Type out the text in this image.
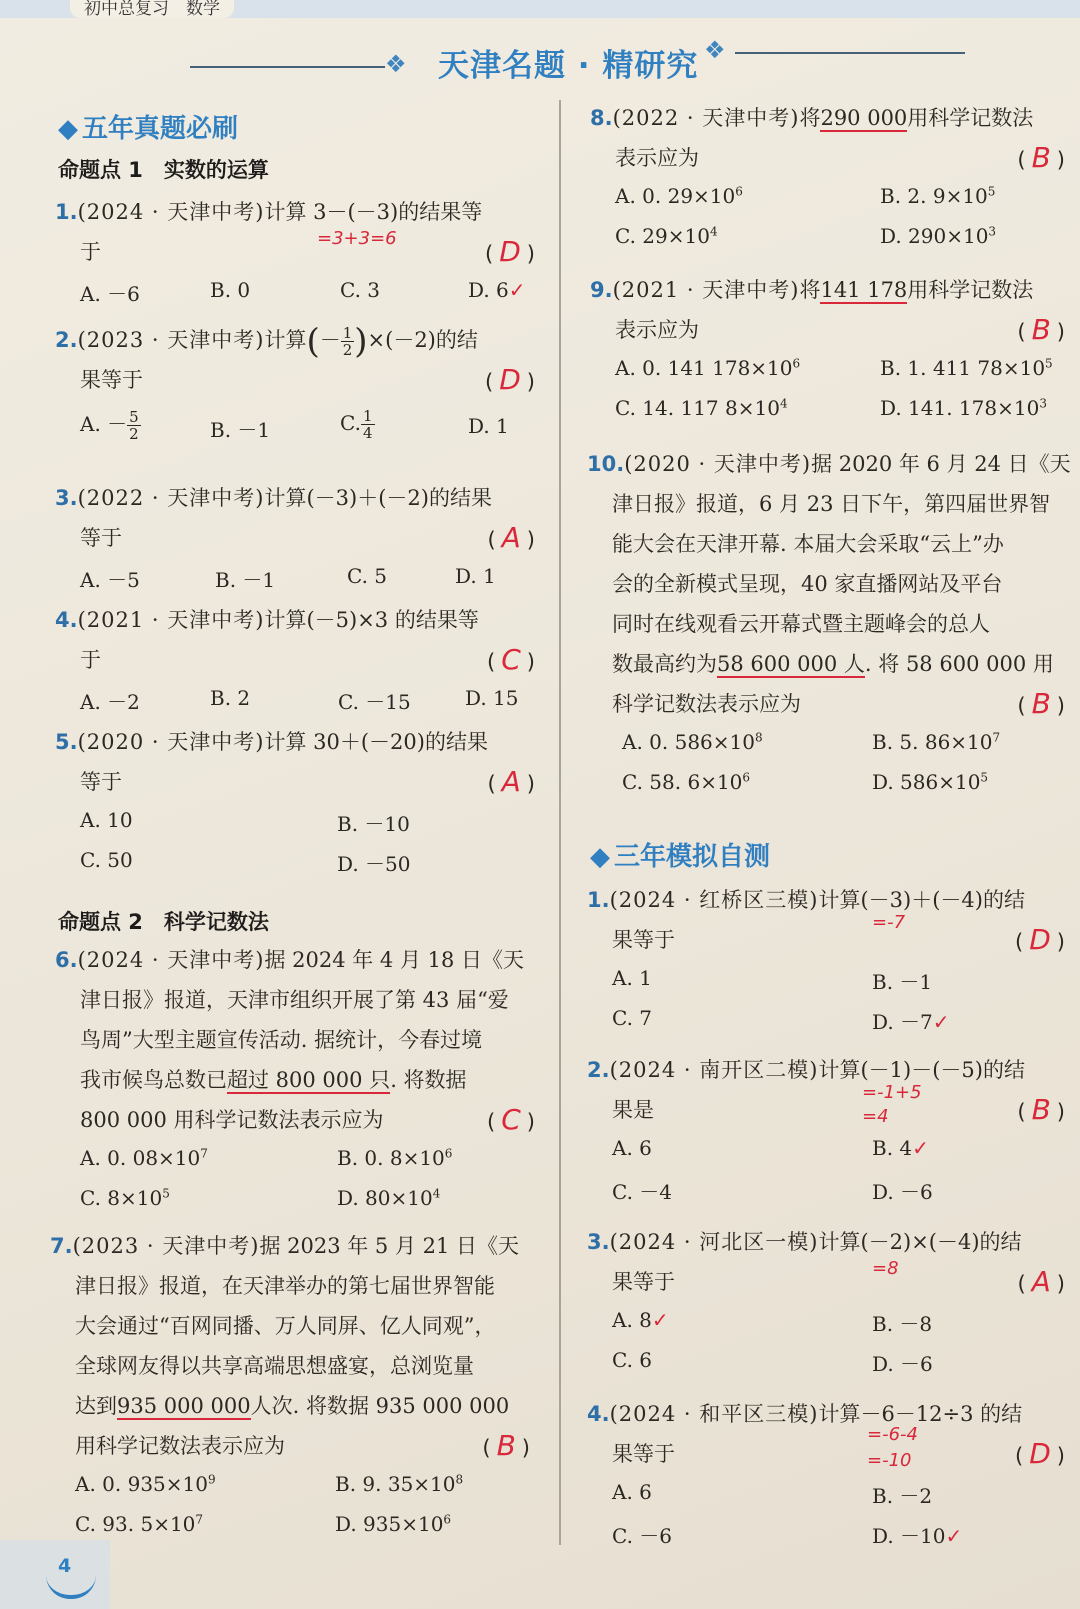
初中总复习　数学
❖	❖
天津名题 · 精研究
◆ 五年真题必刷
命题点 1　实数的运算
1.(2024 · 天津中考)计算 3－(－3)的结果等
于	( D )
=3+3=6
A. －6	B. 0	C. 3	D. 6✓
2.(2023 · 天津中考)计算(－ $\frac{1}{2} )\times(-2)$的结
果等于	( D )
A. － $\frac{5}{2}$	B. －1	C. $\frac{1}{4}$	D. 1
3.(2022 · 天津中考)计算(－3)＋(－2)的结果
等于	( A )
A. －5	B. －1	C. 5	D. 1
4.(2021 · 天津中考)计算(－5)×3 的结果等
于	( C )
A. －2	B. 2	C. －15	D. 15
5.(2020 · 天津中考)计算 30＋(－20)的结果
等于	( A )
A. 10	B. －10
C. 50	D. －50
命题点 2　科学记数法
6.(2024 · 天津中考)据 2024 年 4 月 18 日《天
津日报》报道，天津市组织开展了第 43 届“爱
鸟周”大型主题宣传活动. 据统计，今春过境
我市候鸟总数已超过 800 000 只. 将数据
800 000 用科学记数法表示应为	( C )
A. 0. $08\times 10^7$	B. 0. $8\times 10^6$
C. $8\times 10^5$	D. $80\times 10^4$
7.(2023 · 天津中考)据 2023 年 5 月 21 日《天
津日报》报道，在天津举办的第七届世界智能
大会通过“百网同播、万人同屏、亿人同观”，
全球网友得以共享高端思想盛宴，总浏览量
达到935 000 000人次. 将数据 935 000 000
用科学记数法表示应为	( B )
A. 0. $935\times 10^9$	B. 9. $35\times 10^8$
C. 93. $5\times 10^7$	D. $935\times 10^6$
8.(2022 · 天津中考)将290 000用科学记数法
表示应为	( B )
A. 0. $29\times 10^6$	B. 2. $9\times 10^5$
C. $29\times 10^4$	D. $290\times 10^3$
9.(2021 · 天津中考)将141 178用科学记数法
表示应为	( B )
A. 0. 141 $178\times 10^6$	B. 1. 411 $78\times 10^5$
C. 14. 117 $8\times 10^4$	D. 141. $178\times 10^3$
10.(2020 · 天津中考)据 2020 年 6 月 24 日《天
津日报》报道，6 月 23 日下午，第四届世界智
能大会在天津开幕. 本届大会采取“云上”办
会的全新模式呈现，40 家直播网站及平台
同时在线观看云开幕式暨主题峰会的总人
数最高约为58 600 000 人. 将 58 600 000 用
科学记数法表示应为	( B )
A. 0. $586\times 10^8$	B. 5. $86\times 10^7$
C. 58. $6\times 10^6$	D. $586\times 10^5$
◆ 三年模拟自测
1.(2024 · 红桥区三模)计算(－3)＋(－4)的结
果等于	( D )
=-7
A. 1	B. －1
C. 7	D. －7✓
2.(2024 · 南开区二模)计算(－1)－(－5)的结
果是	( B )
=-1+5
=4
A. 6	B. 4✓
C. －4	D. －6
3.(2024 · 河北区一模)计算(－2)×(－4)的结
果等于	( A )
=8
A. 8✓	B. －8
C. 6	D. －6
4.(2024 · 和平区三模)计算－6－12÷3 的结
果等于	( D )
=-6-4
=-10
A. 6	B. －2
C. －6	D. －10✓
4
